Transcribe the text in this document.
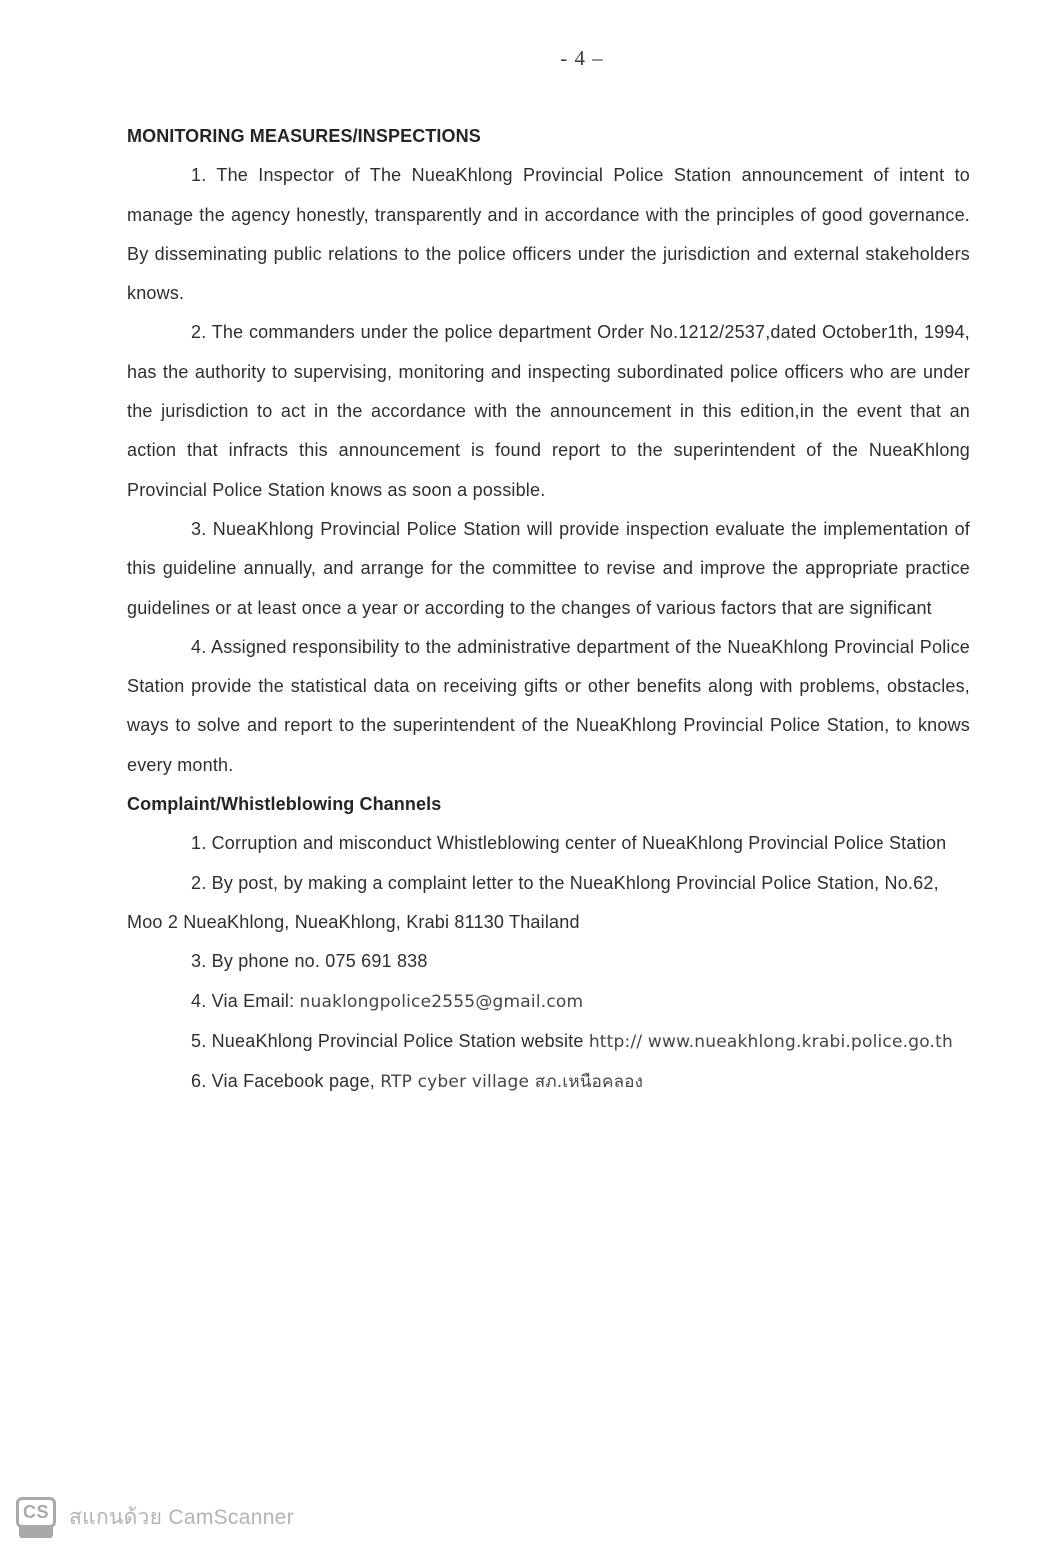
- 4 –
MONITORING MEASURES/INSPECTIONS

1. The Inspector of The NueaKhlong Provincial Police Station announcement of intent to manage the agency honestly, transparently and in accordance with the principles of good governance. By disseminating public relations to the police officers under the jurisdiction and external stakeholders knows.

2. The commanders under the police department Order No.1212/2537,dated October1th, 1994, has the authority to supervising, monitoring and inspecting subordinated police officers who are under the jurisdiction to act in the accordance with the announcement in this edition,in the event that an action that infracts this announcement is found report to the superintendent of the NueaKhlong Provincial Police Station knows as soon a possible.

3. NueaKhlong Provincial Police Station will provide inspection evaluate the implementation of this guideline annually, and arrange for the committee to revise and improve the appropriate practice guidelines or at least once a year or according to the changes of various factors that are significant

4. Assigned responsibility to the administrative department of the NueaKhlong Provincial Police Station provide the statistical data on receiving gifts or other benefits along with problems, obstacles, ways to solve and report to the superintendent of the NueaKhlong Provincial Police Station, to knows every month.

Complaint/Whistleblowing Channels

1. Corruption and misconduct Whistleblowing center of NueaKhlong Provincial Police Station

2. By post, by making a complaint letter to the NueaKhlong Provincial Police Station, No.62, Moo 2 NueaKhlong, NueaKhlong, Krabi 81130 Thailand

3. By phone no. 075 691 838

4. Via Email: nuaklongpolice2555@gmail.com

5. NueaKhlong Provincial Police Station website http:// www.nueakhlong.krabi.police.go.th

6. Via Facebook page, RTP cyber village สภ.เหนือคลอง

CS สแกนด้วย CamScanner
